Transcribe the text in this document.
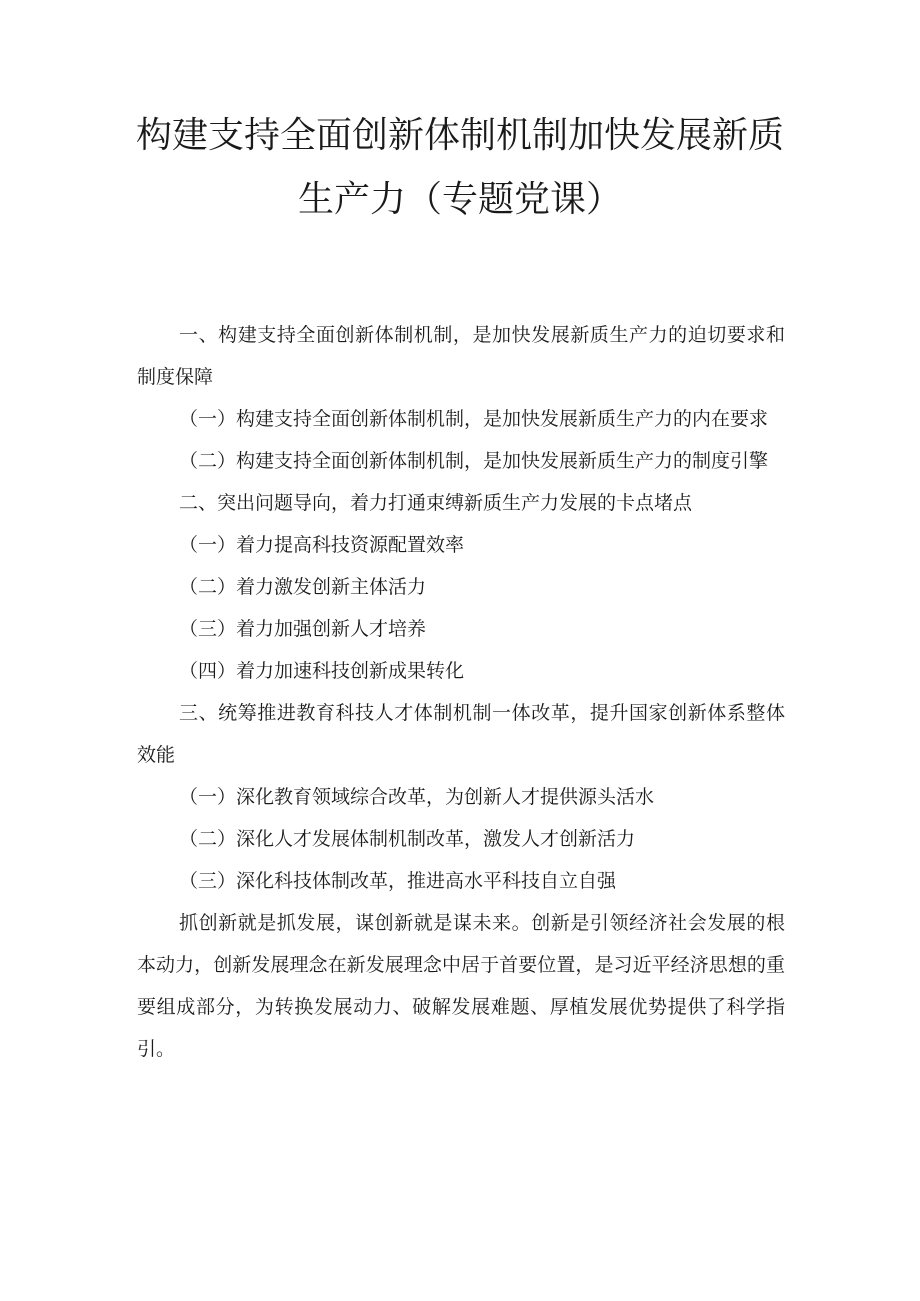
构建支持全面创新体制机制加快发展新质
生产力（专题党课）

一、构建支持全面创新体制机制，是加快发展新质生产力的迫切要求和制度保障

（一）构建支持全面创新体制机制，是加快发展新质生产力的内在要求

（二）构建支持全面创新体制机制，是加快发展新质生产力的制度引擎

二、突出问题导向，着力打通束缚新质生产力发展的卡点堵点

（一）着力提高科技资源配置效率

（二）着力激发创新主体活力

（三）着力加强创新人才培养

（四）着力加速科技创新成果转化

三、统筹推进教育科技人才体制机制一体改革，提升国家创新体系整体效能

（一）深化教育领域综合改革，为创新人才提供源头活水

（二）深化人才发展体制机制改革，激发人才创新活力

（三）深化科技体制改革，推进高水平科技自立自强

抓创新就是抓发展，谋创新就是谋未来。创新是引领经济社会发展的根本动力，创新发展理念在新发展理念中居于首要位置，是习近平经济思想的重要组成部分，为转换发展动力、破解发展难题、厚植发展优势提供了科学指引。
